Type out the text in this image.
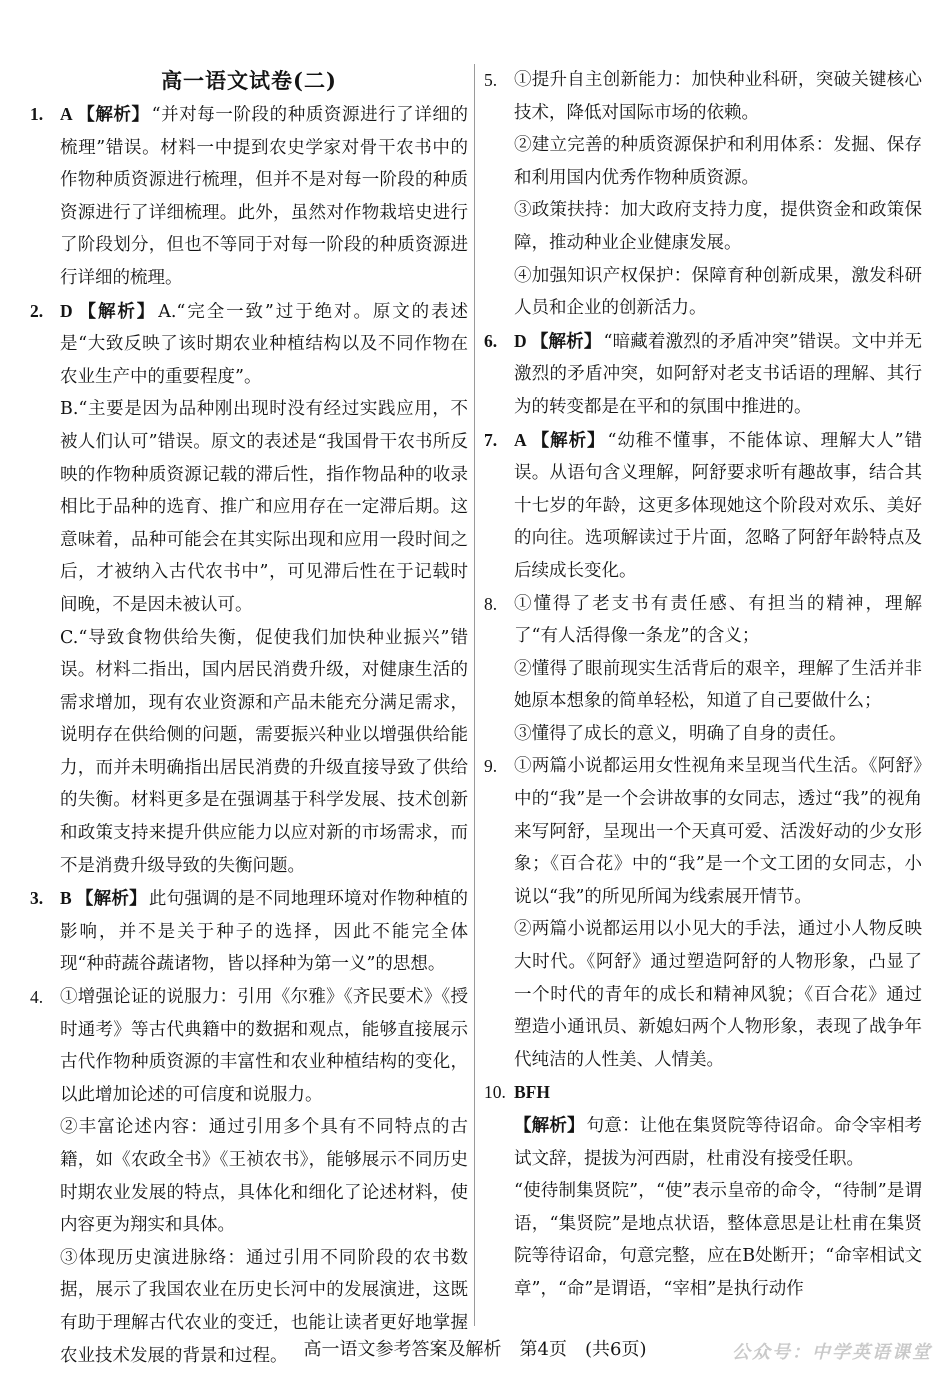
高一语文试卷(二)
1. A 【解析】 “并对每一阶段的种质资源进行了详细的梳理”错误。材料一中提到农史学家对骨干农书中的作物种质资源进行梳理，但并不是对每一阶段的种质资源进行了详细梳理。此外，虽然对作物栽培史进行了阶段划分，但也不等同于对每一阶段的种质资源进行详细的梳理。

2. D 【解析】 A.“完全一致”过于绝对。原文的表述是“大致反映了该时期农业种植结构以及不同作物在农业生产中的重要程度”。

B.“主要是因为品种刚出现时没有经过实践应用，不被人们认可”错误。原文的表述是“我国骨干农书所反映的作物种质资源记载的滞后性，指作物品种的收录相比于品种的选育、推广和应用存在一定滞后期。这意味着，品种可能会在其实际出现和应用一段时间之后，才被纳入古代农书中”，可见滞后性在于记载时间晚，不是因未被认可。

C.“导致食物供给失衡，促使我们加快种业振兴”错误。材料二指出，国内居民消费升级，对健康生活的需求增加，现有农业资源和产品未能充分满足需求，说明存在供给侧的问题，需要振兴种业以增强供给能力，而并未明确指出居民消费的升级直接导致了供给的失衡。材料更多是在强调基于科学发展、技术创新和政策支持来提升供应能力以应对新的市场需求，而不是消费升级导致的失衡问题。

3. B 【解析】 此句强调的是不同地理环境对作物种植的影响，并不是关于种子的选择，因此不能完全体现“种莳蔬谷蔬诸物，皆以择种为第一义”的思想。

4. ①增强论证的说服力：引用《尔雅》《齐民要术》《授时通考》等古代典籍中的数据和观点，能够直接展示古代作物种质资源的丰富性和农业种植结构的变化，以此增加论述的可信度和说服力。

②丰富论述内容：通过引用多个具有不同特点的古籍，如《农政全书》《王祯农书》，能够展示不同历史时期农业发展的特点，具体化和细化了论述材料，使内容更为翔实和具体。

③体现历史演进脉络：通过引用不同阶段的农书数据，展示了我国农业在历史长河中的发展演进，这既有助于理解古代农业的变迁，也能让读者更好地掌握农业技术发展的背景和过程。

5. ①提升自主创新能力：加快种业科研，突破关键核心技术，降低对国际市场的依赖。

②建立完善的种质资源保护和利用体系：发掘、保存和利用国内优秀作物种质资源。

③政策扶持：加大政府支持力度，提供资金和政策保障，推动种业企业健康发展。

④加强知识产权保护：保障育种创新成果，激发科研人员和企业的创新活力。

6. D 【解析】 “暗藏着激烈的矛盾冲突”错误。文中并无激烈的矛盾冲突，如阿舒对老支书话语的理解、其行为的转变都是在平和的氛围中推进的。

7. A 【解析】 “幼稚不懂事，不能体谅、理解大人”错误。从语句含义理解，阿舒要求听有趣故事，结合其十七岁的年龄，这更多体现她这个阶段对欢乐、美好的向往。选项解读过于片面，忽略了阿舒年龄特点及后续成长变化。

8. ①懂得了老支书有责任感、有担当的精神，理解了“有人活得像一条龙”的含义；

②懂得了眼前现实生活背后的艰辛，理解了生活并非她原本想象的简单轻松，知道了自己要做什么；

③懂得了成长的意义，明确了自身的责任。

9. ①两篇小说都运用女性视角来呈现当代生活。《阿舒》中的“我”是一个会讲故事的女同志，透过“我”的视角来写阿舒，呈现出一个天真可爱、活泼好动的少女形象；《百合花》中的“我”是一个文工团的女同志，小说以“我”的所见所闻为线索展开情节。

②两篇小说都运用以小见大的手法，通过小人物反映大时代。《阿舒》通过塑造阿舒的人物形象，凸显了一个时代的青年的成长和精神风貌；《百合花》通过塑造小通讯员、新媳妇两个人物形象，表现了战争年代纯洁的人性美、人情美。

10. BFH

【解析】 句意：让他在集贤院等待诏命。命令宰相考试文辞，提拔为河西尉，杜甫没有接受任职。

“使待制集贤院”，“使”表示皇帝的命令，“待制”是谓语，“集贤院”是地点状语，整体意思是让杜甫在集贤院等待诏命，句意完整，应在B处断开；“命宰相试文章”，“命”是谓语，“宰相”是执行动作

高一语文参考答案及解析　第4页　(共6页)	公众号：中学英语课堂
